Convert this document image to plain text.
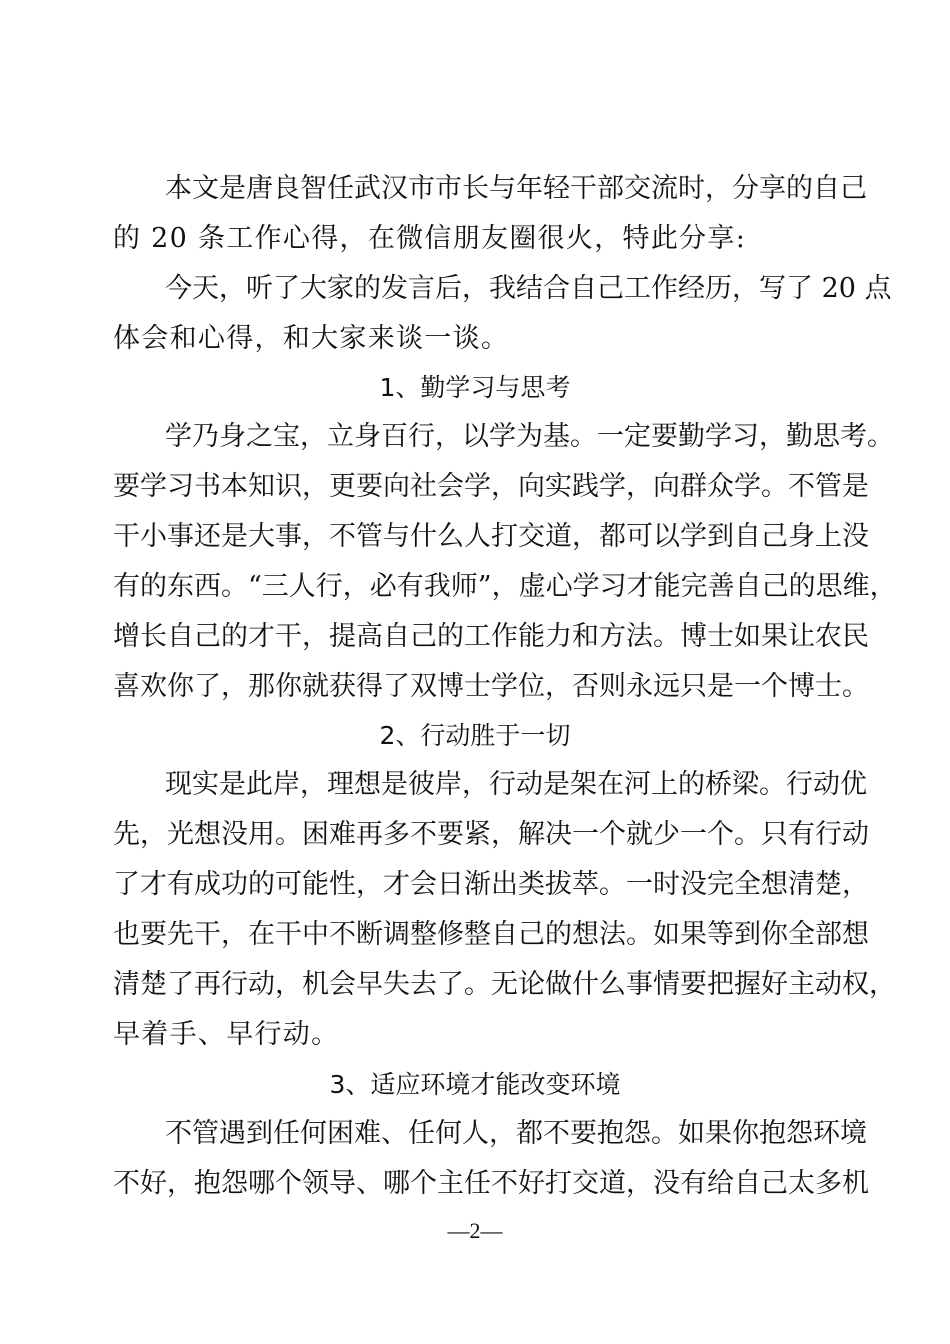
本文是唐良智任武汉市市长与年轻干部交流时，分享的自己
的 20 条工作心得，在微信朋友圈很火，特此分享:
今天，听了大家的发言后，我结合自己工作经历，写了 20 点
体会和心得，和大家来谈一谈。
1、勤学习与思考
学乃身之宝，立身百行，以学为基。一定要勤学习，勤思考。
要学习书本知识，更要向社会学，向实践学，向群众学。不管是
干小事还是大事，不管与什么人打交道，都可以学到自己身上没
有的东西。“三人行，必有我师”，虚心学习才能完善自己的思维，
增长自己的才干，提高自己的工作能力和方法。博士如果让农民
喜欢你了，那你就获得了双博士学位，否则永远只是一个博士。
2、行动胜于一切
现实是此岸，理想是彼岸，行动是架在河上的桥梁。行动优
先，光想没用。困难再多不要紧，解决一个就少一个。只有行动
了才有成功的可能性，才会日渐出类拔萃。一时没完全想清楚，
也要先干，在干中不断调整修整自己的想法。如果等到你全部想
清楚了再行动，机会早失去了。无论做什么事情要把握好主动权，
早着手、早行动。
3、适应环境才能改变环境
不管遇到任何困难、任何人，都不要抱怨。如果你抱怨环境
不好，抱怨哪个领导、哪个主任不好打交道，没有给自己太多机
—2—
